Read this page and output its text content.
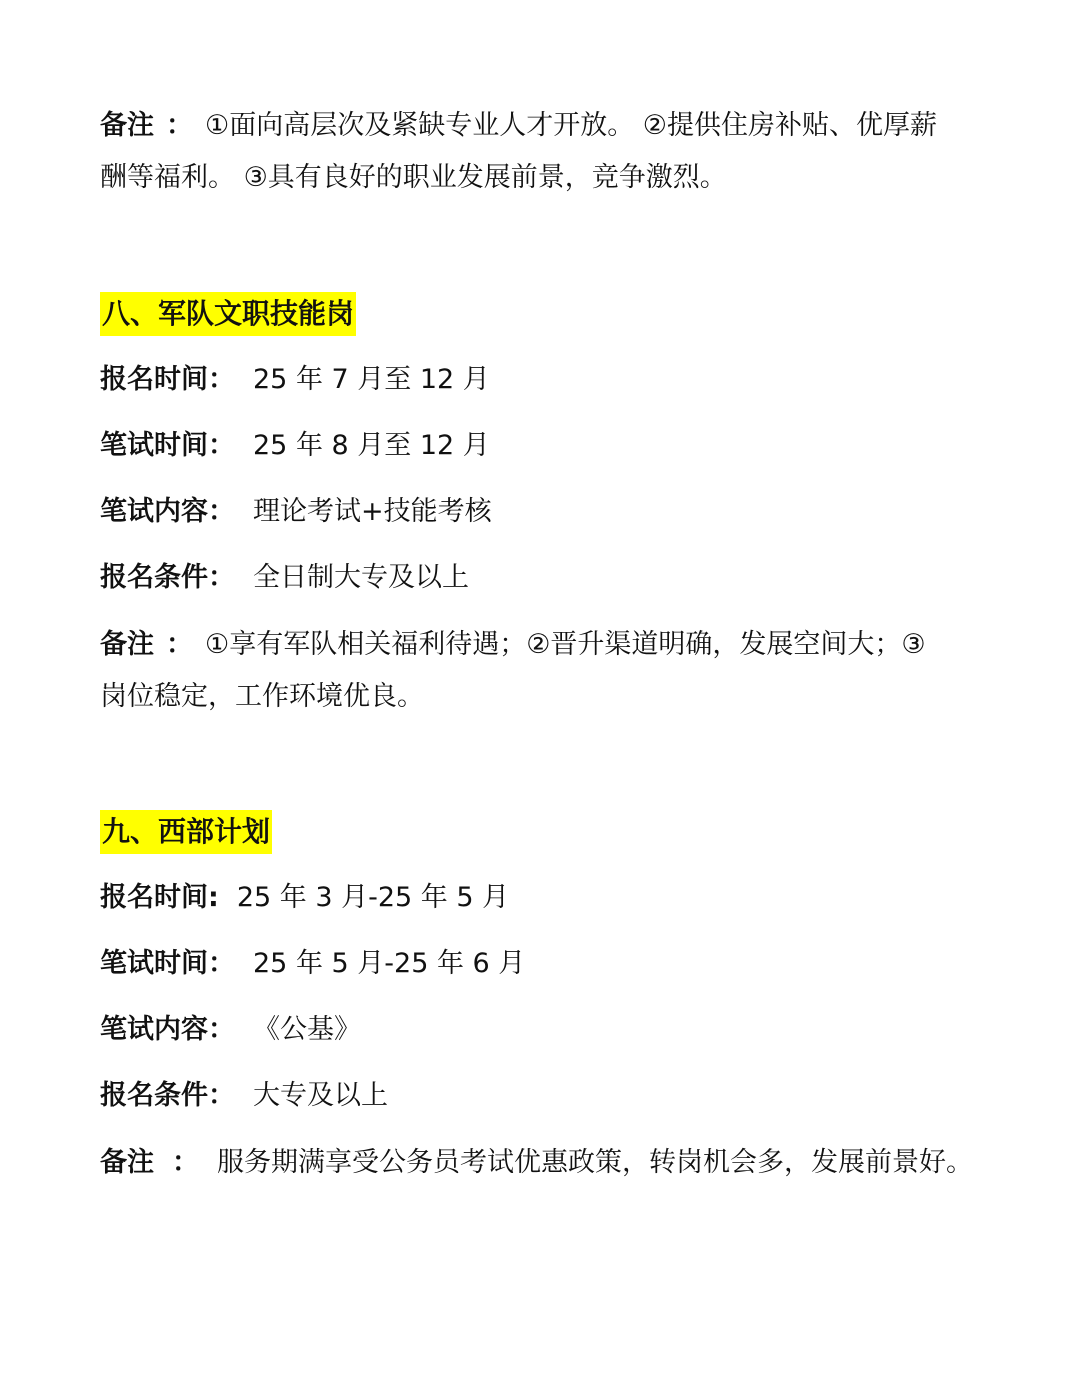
备注 ： ①面向高层次及紧缺专业人才开放。 ②提供住房补贴、优厚薪
酬等福利。 ③具有良好的职业发展前景，竞争激烈。
八、军队文职技能岗
报名时间： 25 年 7 月至 12 月
笔试时间： 25 年 8 月至 12 月
笔试内容： 理论考试+技能考核
报名条件： 全日制大专及以上
备注 ： ①享有军队相关福利待遇；②晋升渠道明确，发展空间大；③
岗位稳定，工作环境优良。
九、西部计划
报名时间: 25 年 3 月-25 年 5 月
笔试时间： 25 年 5 月-25 年 6 月
笔试内容： 《公基》
报名条件： 大专及以上
备注 ： 服务期满享受公务员考试优惠政策，转岗机会多，发展前景好。
